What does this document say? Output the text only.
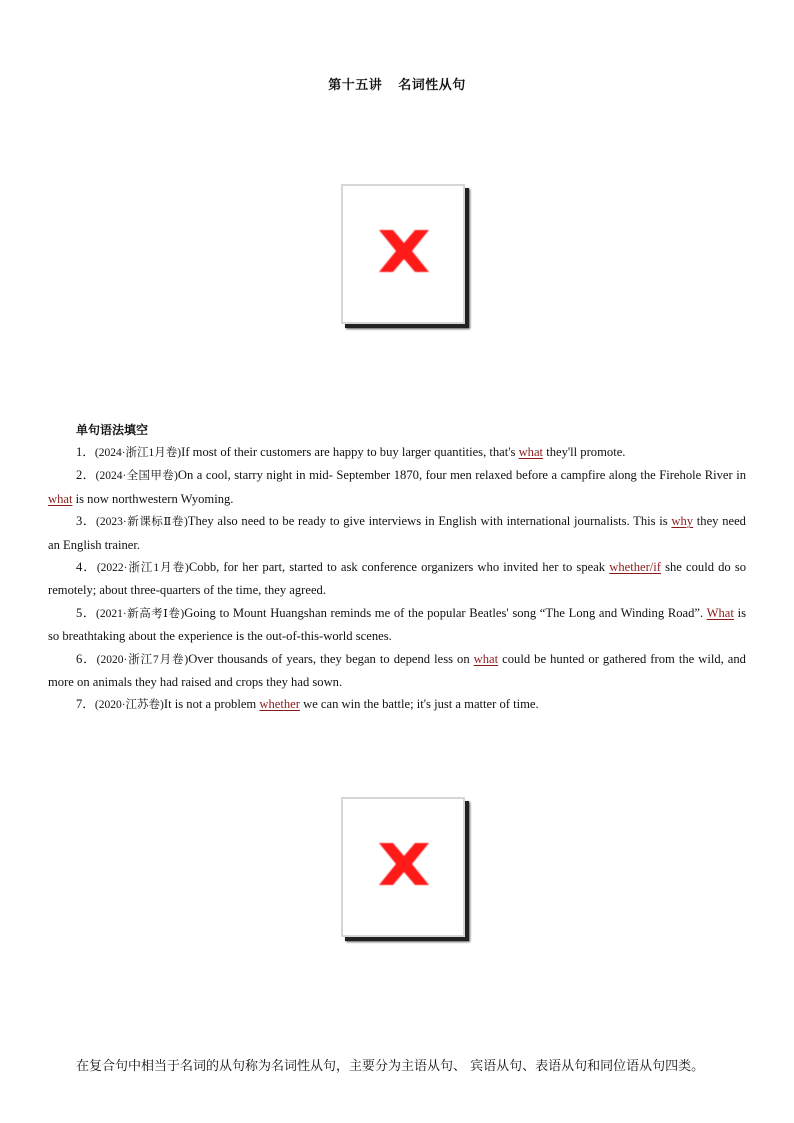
第十五讲 名词性从句
单句语法填空
1．(2024·浙江1月卷)If most of their customers are happy to buy larger quantities, that's what they'll promote.
2．(2024·全国甲卷)On a cool, starry night in mid- September 1870, four men relaxed before a campfire along the Firehole River in what is now northwestern Wyoming.
3．(2023·新课标Ⅱ卷)They also need to be ready to give interviews in English with international journalists. This is why they need an English trainer.
4．(2022·浙江1月卷)Cobb, for her part, started to ask conference organizers who invited her to speak whether/if she could do so remotely; about three-quarters of the time, they agreed.
5．(2021·新高考Ⅰ卷)Going to Mount Huangshan reminds me of the popular Beatles' song “The Long and Winding Road”. What is so breathtaking about the experience is the out-of-this-world scenes.
6．(2020·浙江7月卷)Over thousands of years, they began to depend less on what could be hunted or gathered from the wild, and more on animals they had raised and crops they had sown.
7．(2020·江苏卷)It is not a problem whether we can win the battle; it's just a matter of time.
在复合句中相当于名词的从句称为名词性从句，主要分为主语从句、 宾语从句、表语从句和同位语从句四类。
